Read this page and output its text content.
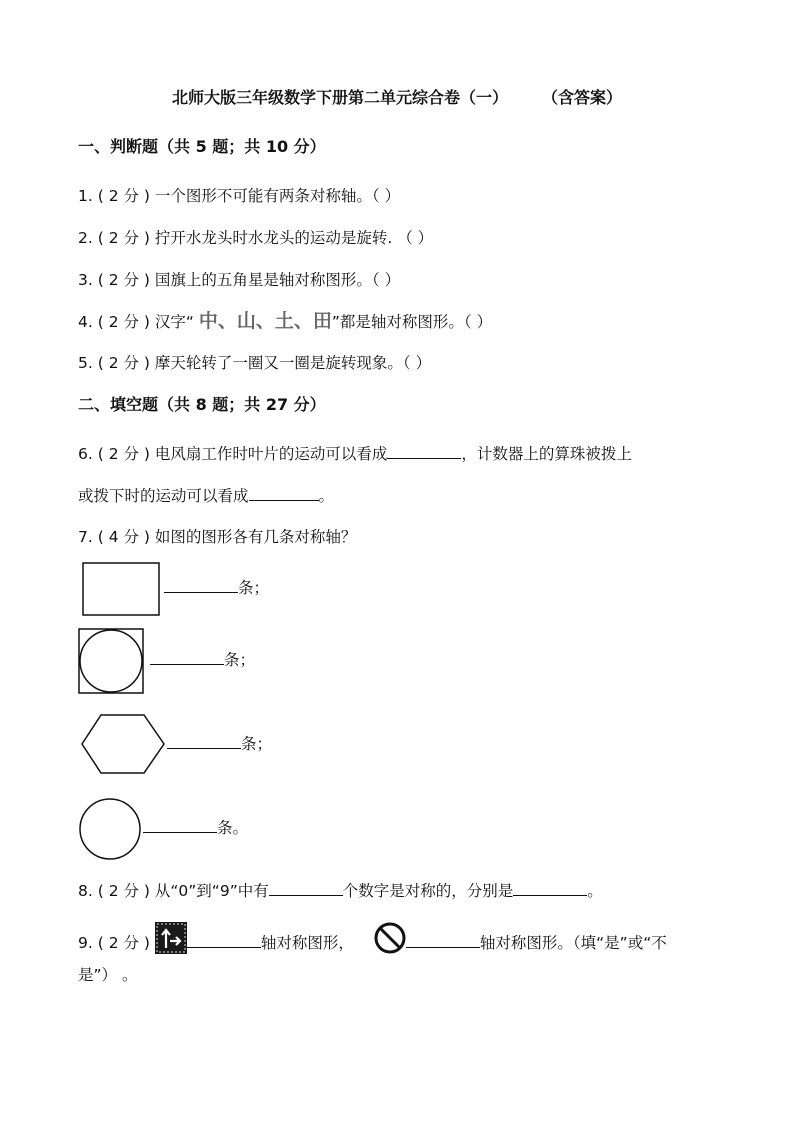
北师大版三年级数学下册第二单元综合卷（一） （含答案）
一、判断题（共 5 题；共 10 分）
1. ( 2 分 ) 一个图形不可能有两条对称轴。（ ）
2. ( 2 分 ) 拧开水龙头时水龙头的运动是旋转. （ ）
3. ( 2 分 ) 国旗上的五角星是轴对称图形。（ ）
4. ( 2 分 ) 汉字“ 中、山、土、田”都是轴对称图形。（ ）
5. ( 2 分 ) 摩天轮转了一圈又一圈是旋转现象。（ ）
二、填空题（共 8 题；共 27 分）
6. ( 2 分 ) 电风扇工作时叶片的运动可以看成	，计数器上的算珠被拨上
或拨下时的运动可以看成	。
7. ( 4 分 ) 如图的图形各有几条对称轴？
条；
条；
条；
条。
8. ( 2 分 ) 从“0”到“9”中有	个数字是对称的，分别是	。
9. ( 2 分 )	轴对称图形，	轴对称图形。（填“是”或“不
是”） 。
